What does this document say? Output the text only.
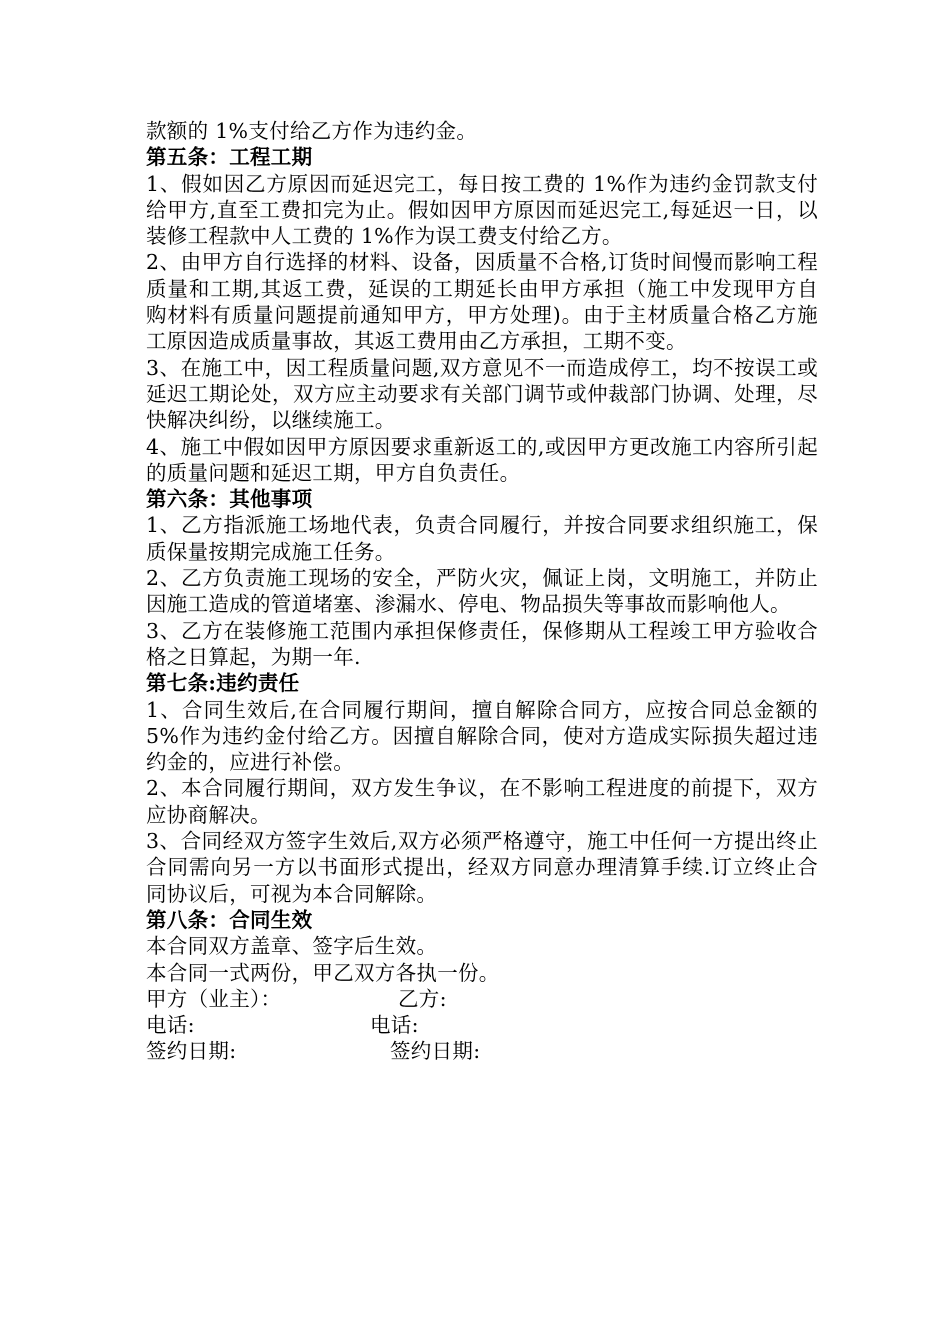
款额的 1%支付给乙方作为违约金。

第五条：工程工期

1、假如因乙方原因而延迟完工，每日按工费的 1%作为违约金罚款支付给甲方,直至工费扣完为止。假如因甲方原因而延迟完工,每延迟一日，以装修工程款中人工费的 1%作为误工费支付给乙方。

2、由甲方自行选择的材料、设备，因质量不合格,订货时间慢而影响工程质量和工期,其返工费，延误的工期延长由甲方承担（施工中发现甲方自购材料有质量问题提前通知甲方，甲方处理)。由于主材质量合格乙方施工原因造成质量事故，其返工费用由乙方承担，工期不变。

3、在施工中，因工程质量问题,双方意见不一而造成停工，均不按误工或延迟工期论处，双方应主动要求有关部门调节或仲裁部门协调、处理，尽快解决纠纷，以继续施工。

4、施工中假如因甲方原因要求重新返工的,或因甲方更改施工内容所引起的质量问题和延迟工期，甲方自负责任。

第六条：其他事项

1、乙方指派施工场地代表，负责合同履行，并按合同要求组织施工，保质保量按期完成施工任务。

2、乙方负责施工现场的安全，严防火灾，佩证上岗，文明施工，并防止因施工造成的管道堵塞、渗漏水、停电、物品损失等事故而影响他人。

3、乙方在装修施工范围内承担保修责任，保修期从工程竣工甲方验收合格之日算起，为期一年.

第七条:违约责任

1、合同生效后,在合同履行期间，擅自解除合同方，应按合同总金额的 5%作为违约金付给乙方。因擅自解除合同，使对方造成实际损失超过违约金的，应进行补偿。

2、本合同履行期间，双方发生争议，在不影响工程进度的前提下，双方应协商解决。

3、合同经双方签字生效后,双方必须严格遵守，施工中任何一方提出终止合同需向另一方以书面形式提出，经双方同意办理清算手续.订立终止合同协议后，可视为本合同解除。

第八条：合同生效

本合同双方盖章、签字后生效。

本合同一式两份，甲乙双方各执一份。

甲方（业主）：	乙方:
电话:	电话:
签约日期:	签约日期:
